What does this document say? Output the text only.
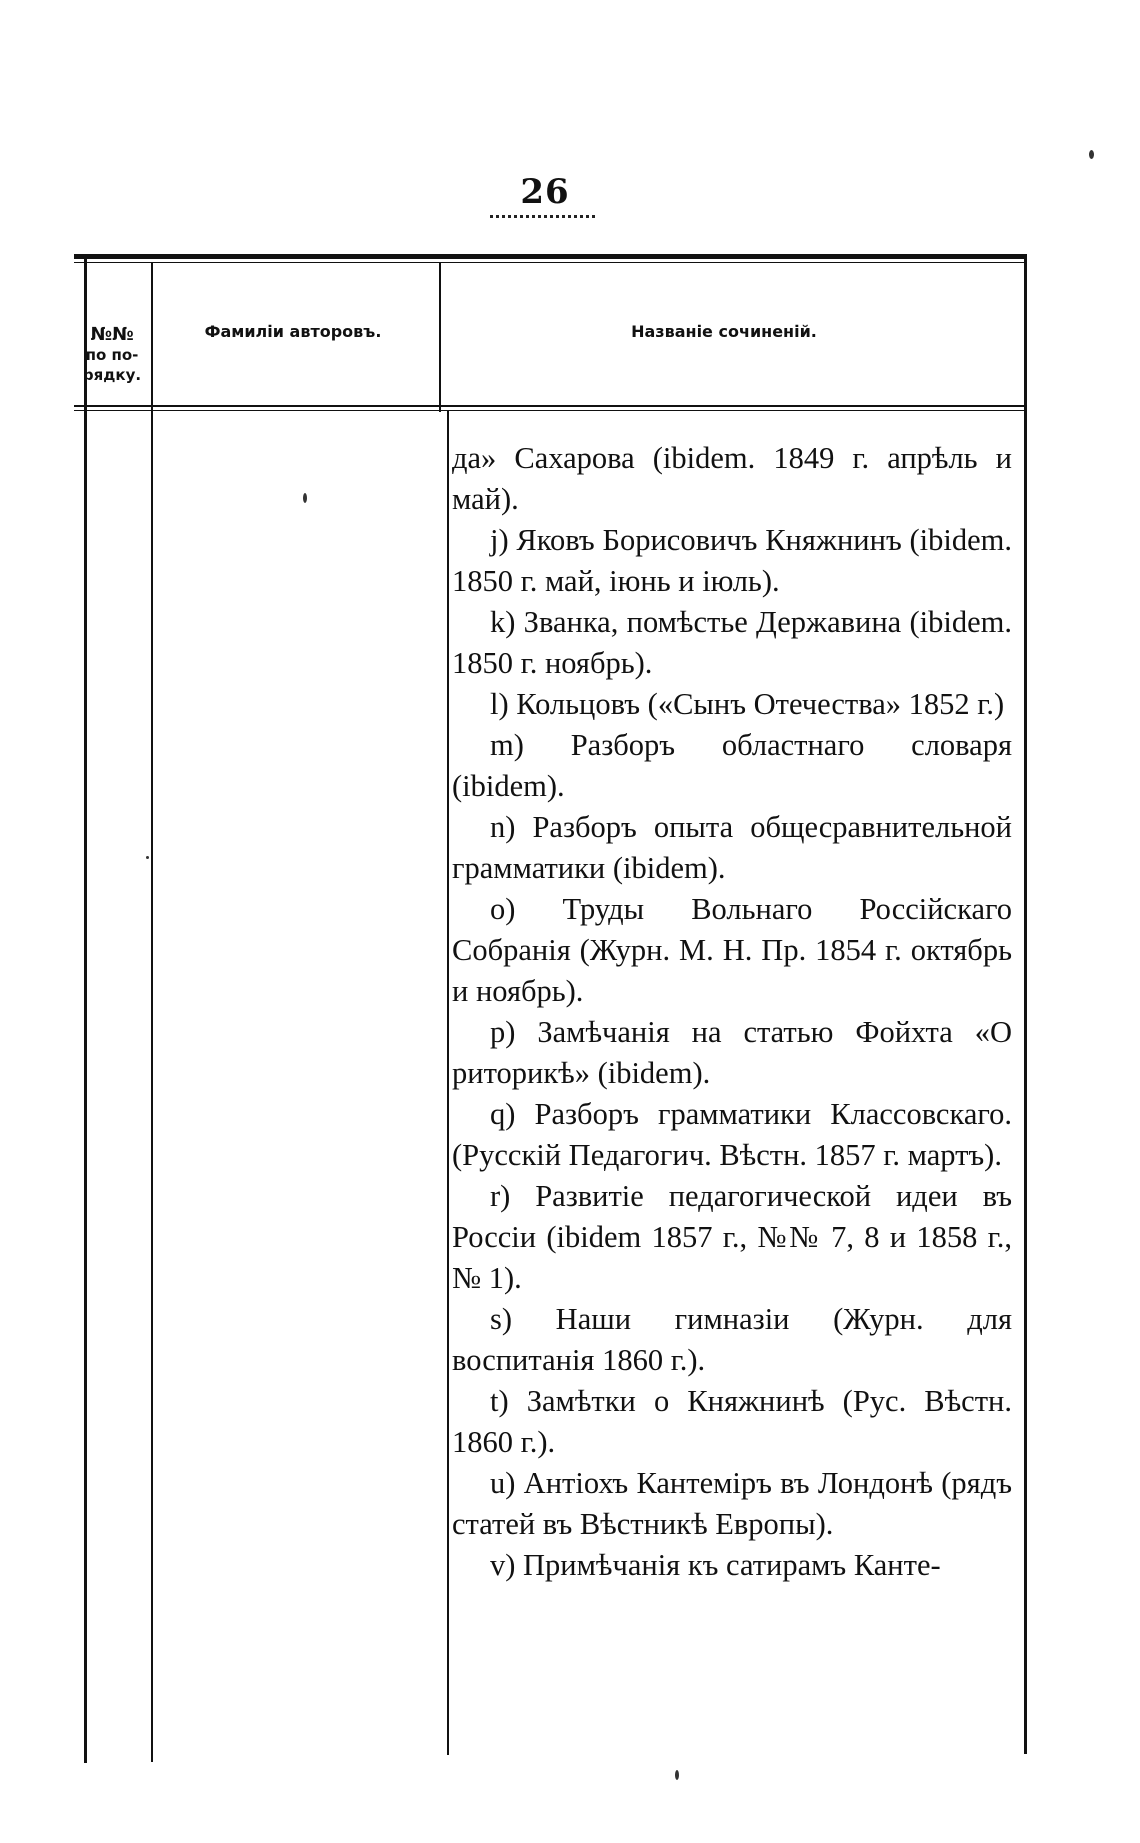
26
№№
по по-
рядку.
Фамиліи авторовъ.	Названіе сочиненій.
да» Сахарова (ibidem. 1849 г. апрѣль и май).
j) Яковъ Борисовичъ Княжнинъ (ibidem. 1850 г. май, іюнь и іюль).
k) Званка, помѣстье Державина (ibidem. 1850 г. ноябрь).
l) Кольцовъ («Сынъ Отечества» 1852 г.)
m) Разборъ областнаго словаря (ibidem).
n) Разборъ опыта общесравнительной грамматики (ibidem).
o) Труды Вольнаго Россійскаго Собранія (Журн. М. Н. Пр. 1854 г. октябрь и ноябрь).
p) Замѣчанія на статью Фойхта «О риторикѣ» (ibidem).
q) Разборъ грамматики Классовскаго. (Русскій Педагогич. Вѣстн. 1857 г. мартъ).
r) Развитіе педагогической идеи въ Россіи (ibidem 1857 г., №№ 7, 8 и 1858 г., № 1).
s) Наши гимназіи (Журн. для воспитанія 1860 г.).
t) Замѣтки о Княжнинѣ (Рус. Вѣстн. 1860 г.).
u) Антіохъ Кантеміръ въ Лондонѣ (рядъ статей въ Вѣстникѣ Европы).
v) Примѣчанія къ сатирамъ Канте-
